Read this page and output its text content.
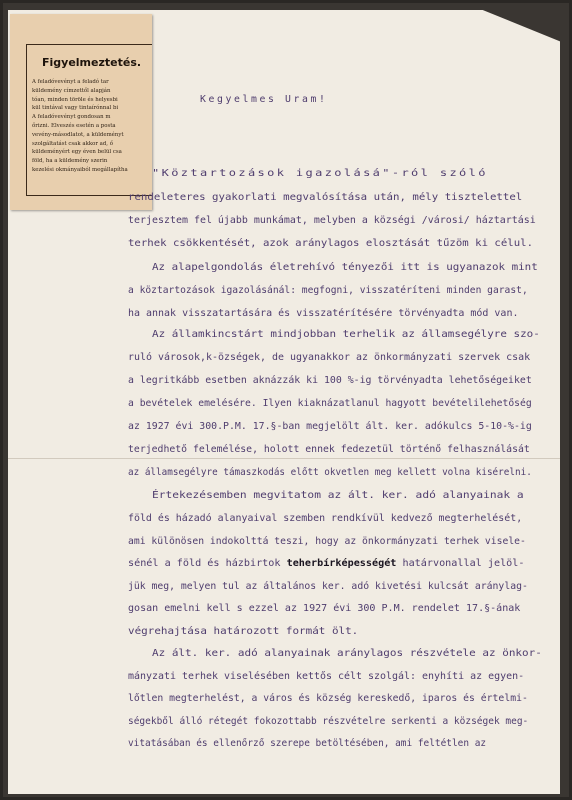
Figyelmeztetés.
A feladóvevényt a feladó tar
küldemény címzettől alapján
tóan, minden töröle és helyesbi
kül tintával vagy tintaírónnal bi
A feladóvevényt gondosan m
őrizni. Elveszés esetén a posta
vevény-másodlatot, a küldeményt
szolgáltatást csak akkor ad, ő
küldeményért egy éven belül csa
föld, ha a küldemény szerin
kezelési okmányaiból megállapítha
Kegyelmes Uram!
"Köztartozások igazolásá"-ról szóló
rendeleteres gyakorlati megvalósítása után, mély tisztelettel
terjesztem fel újabb munkámat, melyben a községi /városi/ háztartási
terhek csökkentését, azok aránylagos elosztását tűzöm ki célul.
Az alapelgondolás életrehívó tényezői itt is ugyanazok mint
a köztartozások igazolásánál: megfogni, visszatéríteni minden garast,
ha annak visszatartására és visszatérítésére törvényadta mód van.
Az államkincstárt mindjobban terhelik az államsegélyre szo-
ruló városok,k-özségek, de ugyanakkor az önkormányzati szervek csak
a legritkább esetben aknázzák ki 100 %-ig törvényadta lehetőségeiket
a bevételek emelésére. Ilyen kiaknázatlanul hagyott bevételilehetőség
az 1927 évi 300.P.M. 17.§-ban megjelölt ált. ker. adókulcs 5-10-%-ig
terjedhető felemélése, holott ennek fedezetül történő felhasználását
az államsegélyre támaszkodás előtt okvetlen meg kellett volna kisérelni.
Értekezésemben megvitatom az ált. ker. adó alanyainak a
föld és házadó alanyaival szemben rendkívül kedvező megterhelését,
ami különösen indokolttá teszi, hogy az önkormányzati terhek visele-
sénél a föld és házbirtok teherbírképességét határvonallal jelöl-
jük meg, melyen tul az általános ker. adó kivetési kulcsát aránylag-
gosan emelni kell s ezzel az 1927 évi 300 P.M. rendelet 17.§-ának
végrehajtása határozott formát ölt.
Az ált. ker. adó alanyainak aránylagos részvétele az önkor-
mányzati terhek viselésében kettős célt szolgál: enyhíti az egyen-
lőtlen megterhelést, a város és község kereskedő, iparos és értelmi-
ségekből álló rétegét fokozottabb részvételre serkenti a községek meg-
vitatásában és ellenőrző szerepe betöltésében, ami feltétlen az
